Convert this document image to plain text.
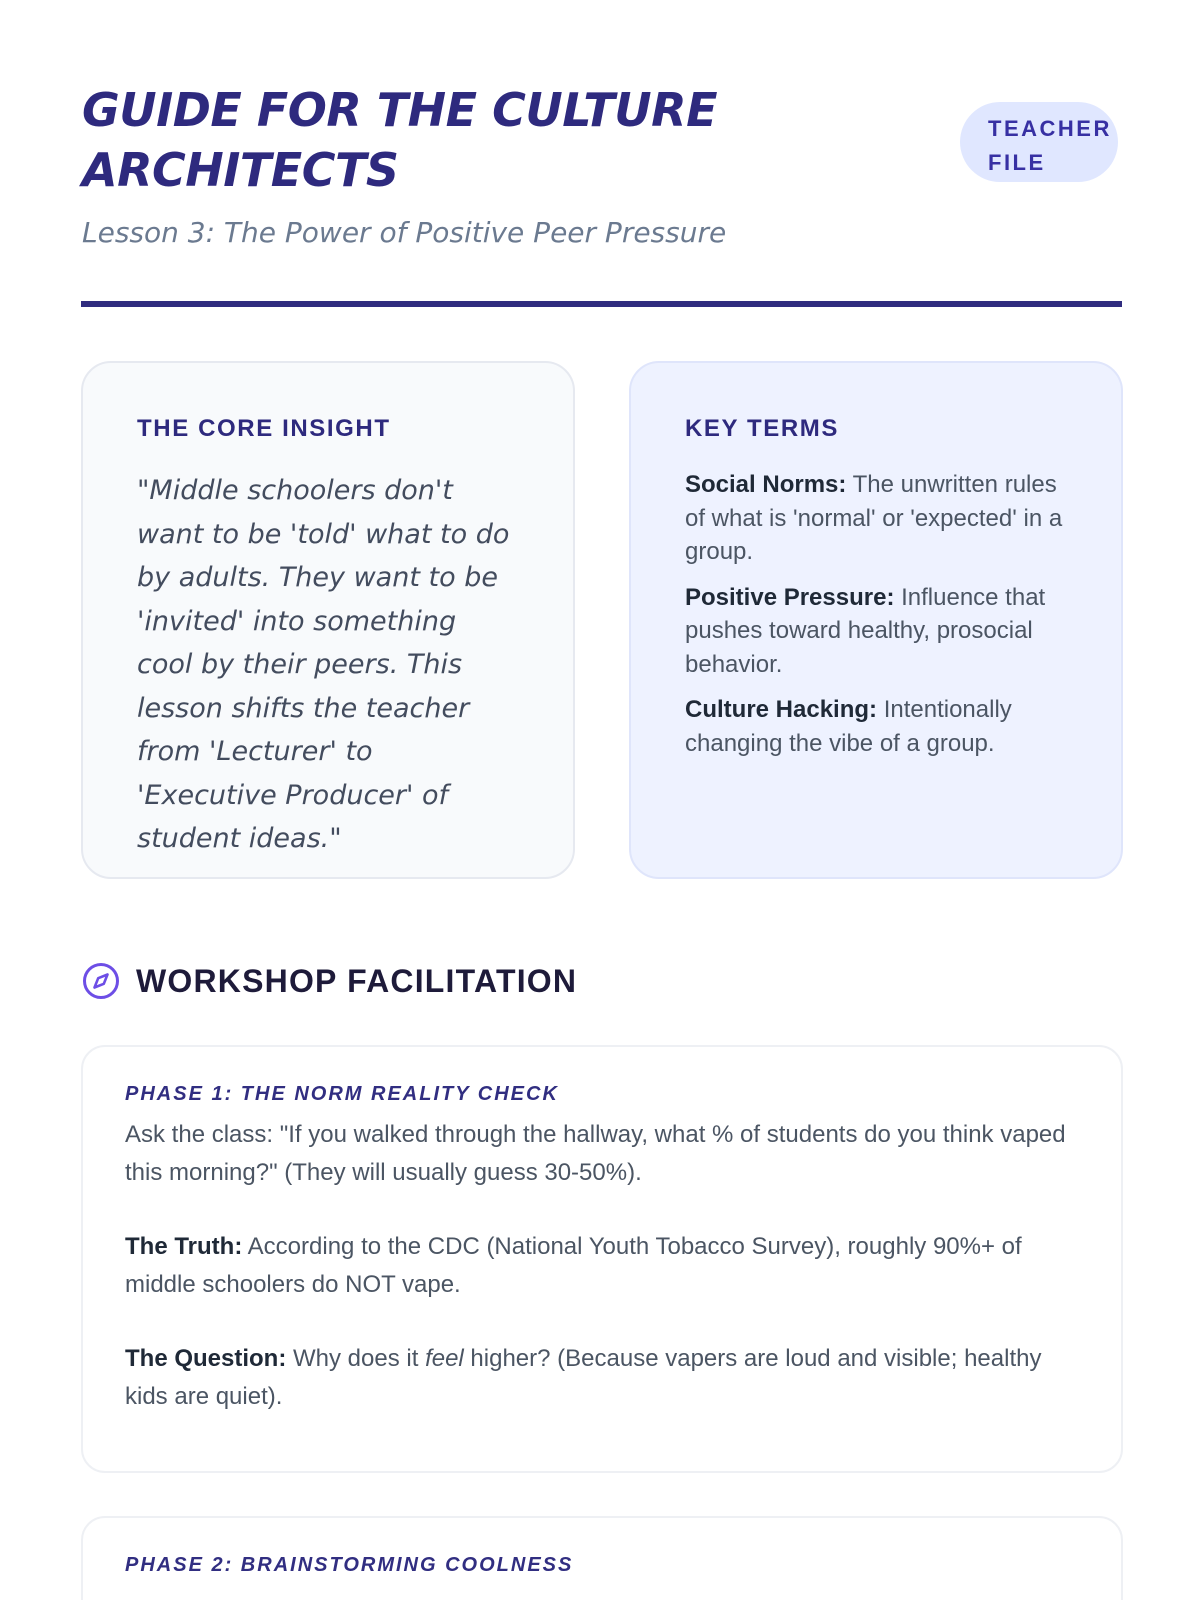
GUIDE FOR THE CULTURE ARCHITECTS
Lesson 3: The Power of Positive Peer Pressure
TEACHER FILE
THE CORE INSIGHT

"Middle schoolers don't want to be 'told' what to do by adults. They want to be 'invited' into something cool by their peers. This lesson shifts the teacher from 'Lecturer' to 'Executive Producer' of student ideas."

KEY TERMS

Social Norms: The unwritten rules of what is 'normal' or 'expected' in a group.

Positive Pressure: Influence that pushes toward healthy, prosocial behavior.

Culture Hacking: Intentionally changing the vibe of a group.

WORKSHOP FACILITATION
PHASE 1: THE NORM REALITY CHECK

Ask the class: "If you walked through the hallway, what % of students do you think vaped this morning?" (They will usually guess 30-50%).

The Truth: According to the CDC (National Youth Tobacco Survey), roughly 90%+ of middle schoolers do NOT vape.

The Question: Why does it feel higher? (Because vapers are loud and visible; healthy kids are quiet).

PHASE 2: BRAINSTORMING COOLNESS
